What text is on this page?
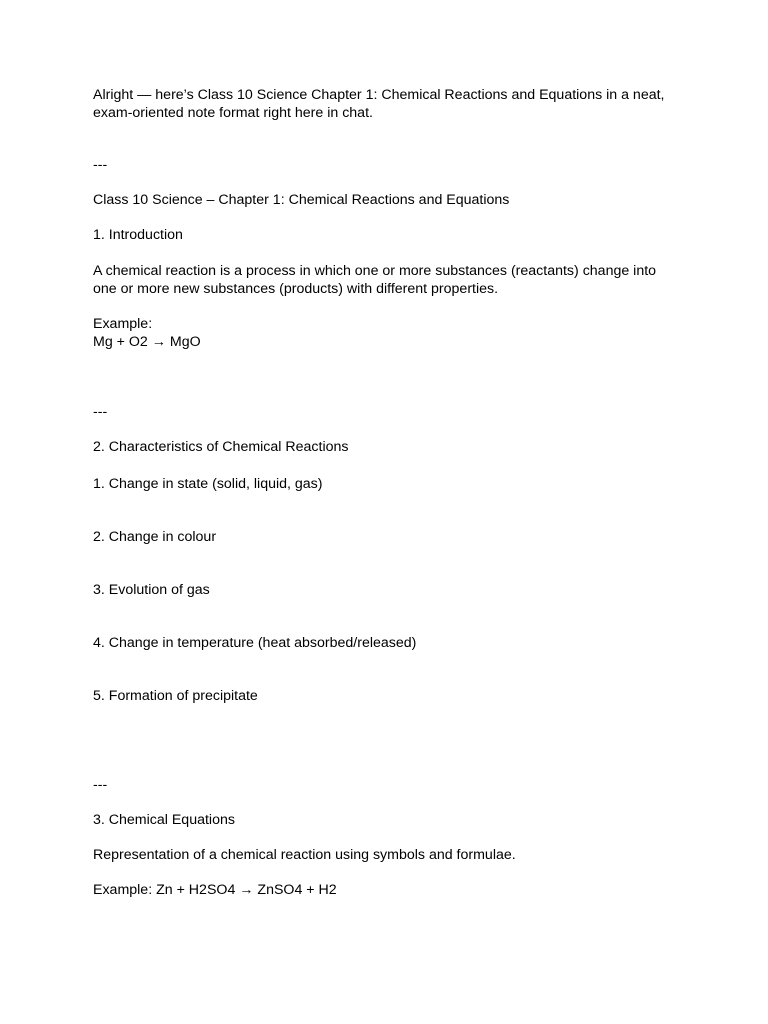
Alright — here’s Class 10 Science Chapter 1: Chemical Reactions and Equations in a neat, exam-oriented note format right here in chat.

---

Class 10 Science – Chapter 1: Chemical Reactions and Equations

1. Introduction

A chemical reaction is a process in which one or more substances (reactants) change into one or more new substances (products) with different properties.

Example:

Mg + O2 → MgO

---

2. Characteristics of Chemical Reactions

1. Change in state (solid, liquid, gas)

2. Change in colour

3. Evolution of gas

4. Change in temperature (heat absorbed/released)

5. Formation of precipitate

---

3. Chemical Equations

Representation of a chemical reaction using symbols and formulae.

Example: Zn + H2SO4 → ZnSO4 + H2
